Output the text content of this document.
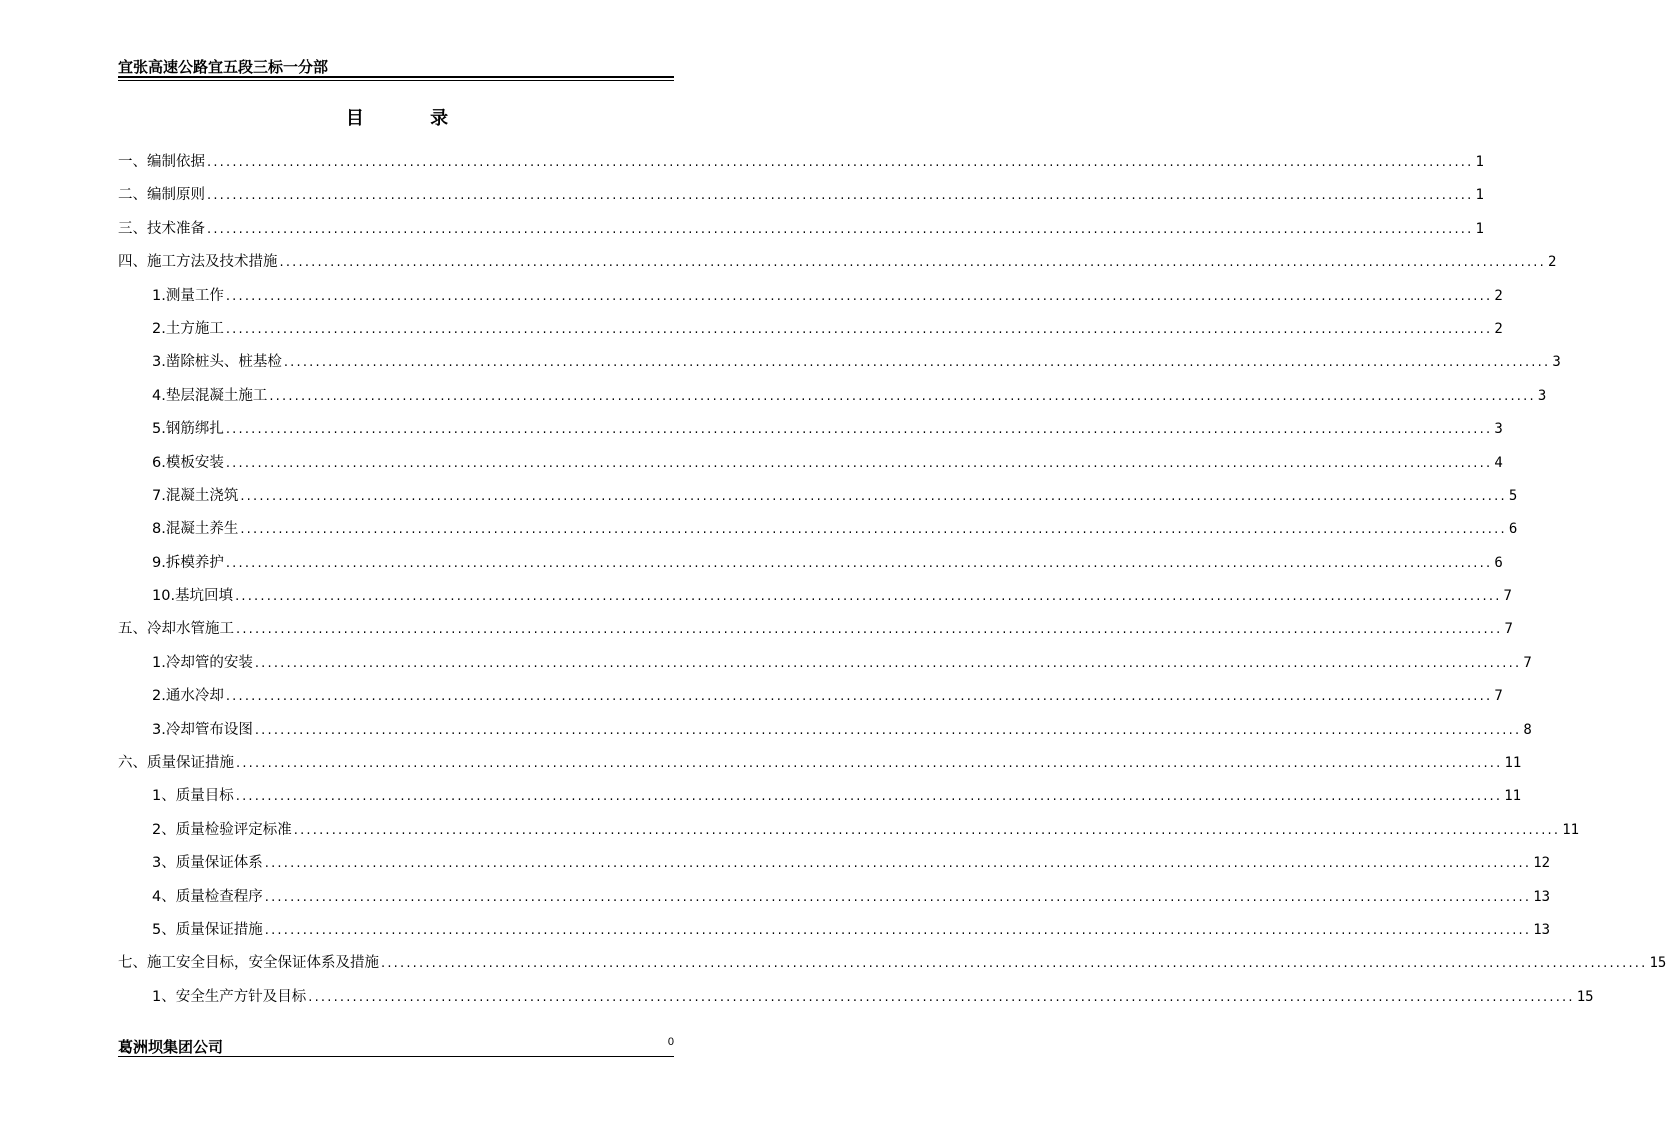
宜张高速公路宜五段三标一分部
目 录
一、编制依据 ........................................................................................................................................................................................................ 1
二、编制原则 ........................................................................................................................................................................................................ 1
三、技术准备 ........................................................................................................................................................................................................ 1
四、施工方法及技术措施 ........................................................................................................................................................................................................ 2
1.测量工作 ........................................................................................................................................................................................................ 2
2.土方施工 ........................................................................................................................................................................................................ 2
3.凿除桩头、桩基检 ........................................................................................................................................................................................................ 3
4.垫层混凝土施工 ........................................................................................................................................................................................................ 3
5.钢筋绑扎 ........................................................................................................................................................................................................ 3
6.模板安装 ........................................................................................................................................................................................................ 4
7.混凝土浇筑 ........................................................................................................................................................................................................ 5
8.混凝土养生 ........................................................................................................................................................................................................ 6
9.拆模养护 ........................................................................................................................................................................................................ 6
10.基坑回填 ........................................................................................................................................................................................................ 7
五、冷却水管施工 ........................................................................................................................................................................................................ 7
1.冷却管的安装 ........................................................................................................................................................................................................ 7
2.通水冷却 ........................................................................................................................................................................................................ 7
3.冷却管布设图 ........................................................................................................................................................................................................ 8
六、质量保证措施 ........................................................................................................................................................................................................ 11
1、质量目标 ........................................................................................................................................................................................................ 11
2、质量检验评定标准 ........................................................................................................................................................................................................ 11
3、质量保证体系 ........................................................................................................................................................................................................ 12
4、质量检查程序 ........................................................................................................................................................................................................ 13
5、质量保证措施 ........................................................................................................................................................................................................ 13
七、施工安全目标，安全保证体系及措施 ........................................................................................................................................................................................................ 15
1、安全生产方针及目标 ........................................................................................................................................................................................................ 15
葛洲坝集团公司	0
